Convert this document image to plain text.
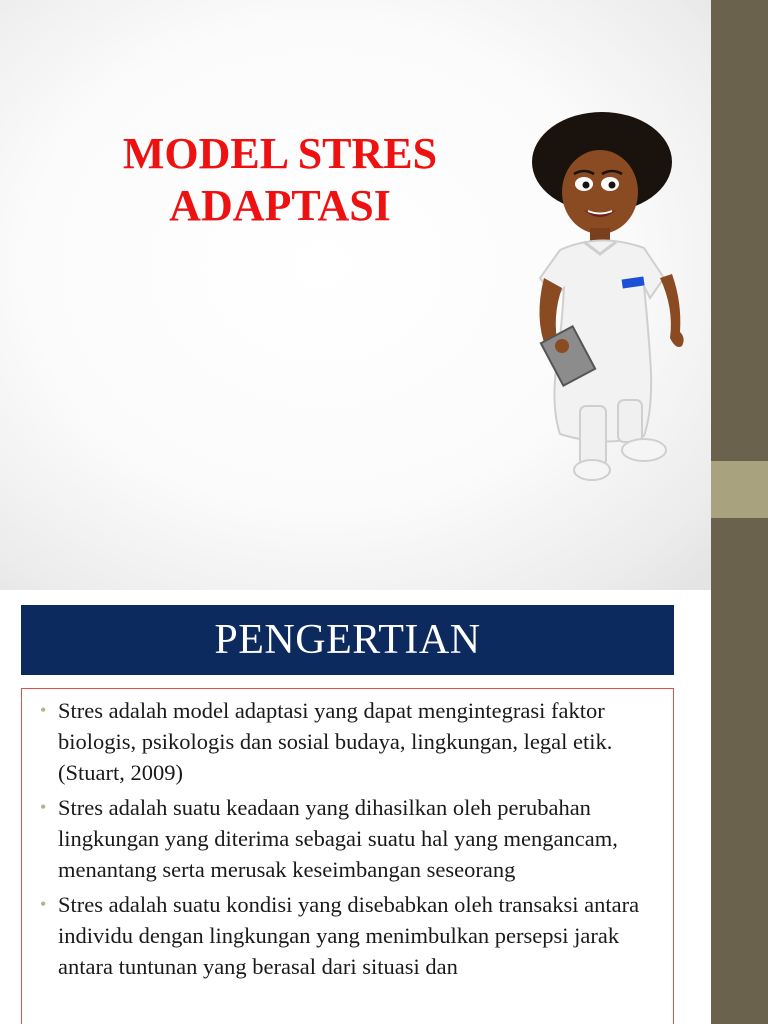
MODEL STRES
ADAPTASI
PENGERTIAN
• Stres adalah model adaptasi yang dapat mengintegrasi faktor biologis, psikologis dan sosial budaya, lingkungan, legal etik. (Stuart, 2009)
• Stres adalah suatu keadaan yang dihasilkan oleh perubahan lingkungan yang diterima sebagai suatu hal yang mengancam, menantang serta merusak keseimbangan seseorang
• Stres adalah suatu kondisi yang disebabkan oleh transaksi antara individu dengan lingkungan yang menimbulkan persepsi jarak antara tuntunan yang berasal dari situasi dan
